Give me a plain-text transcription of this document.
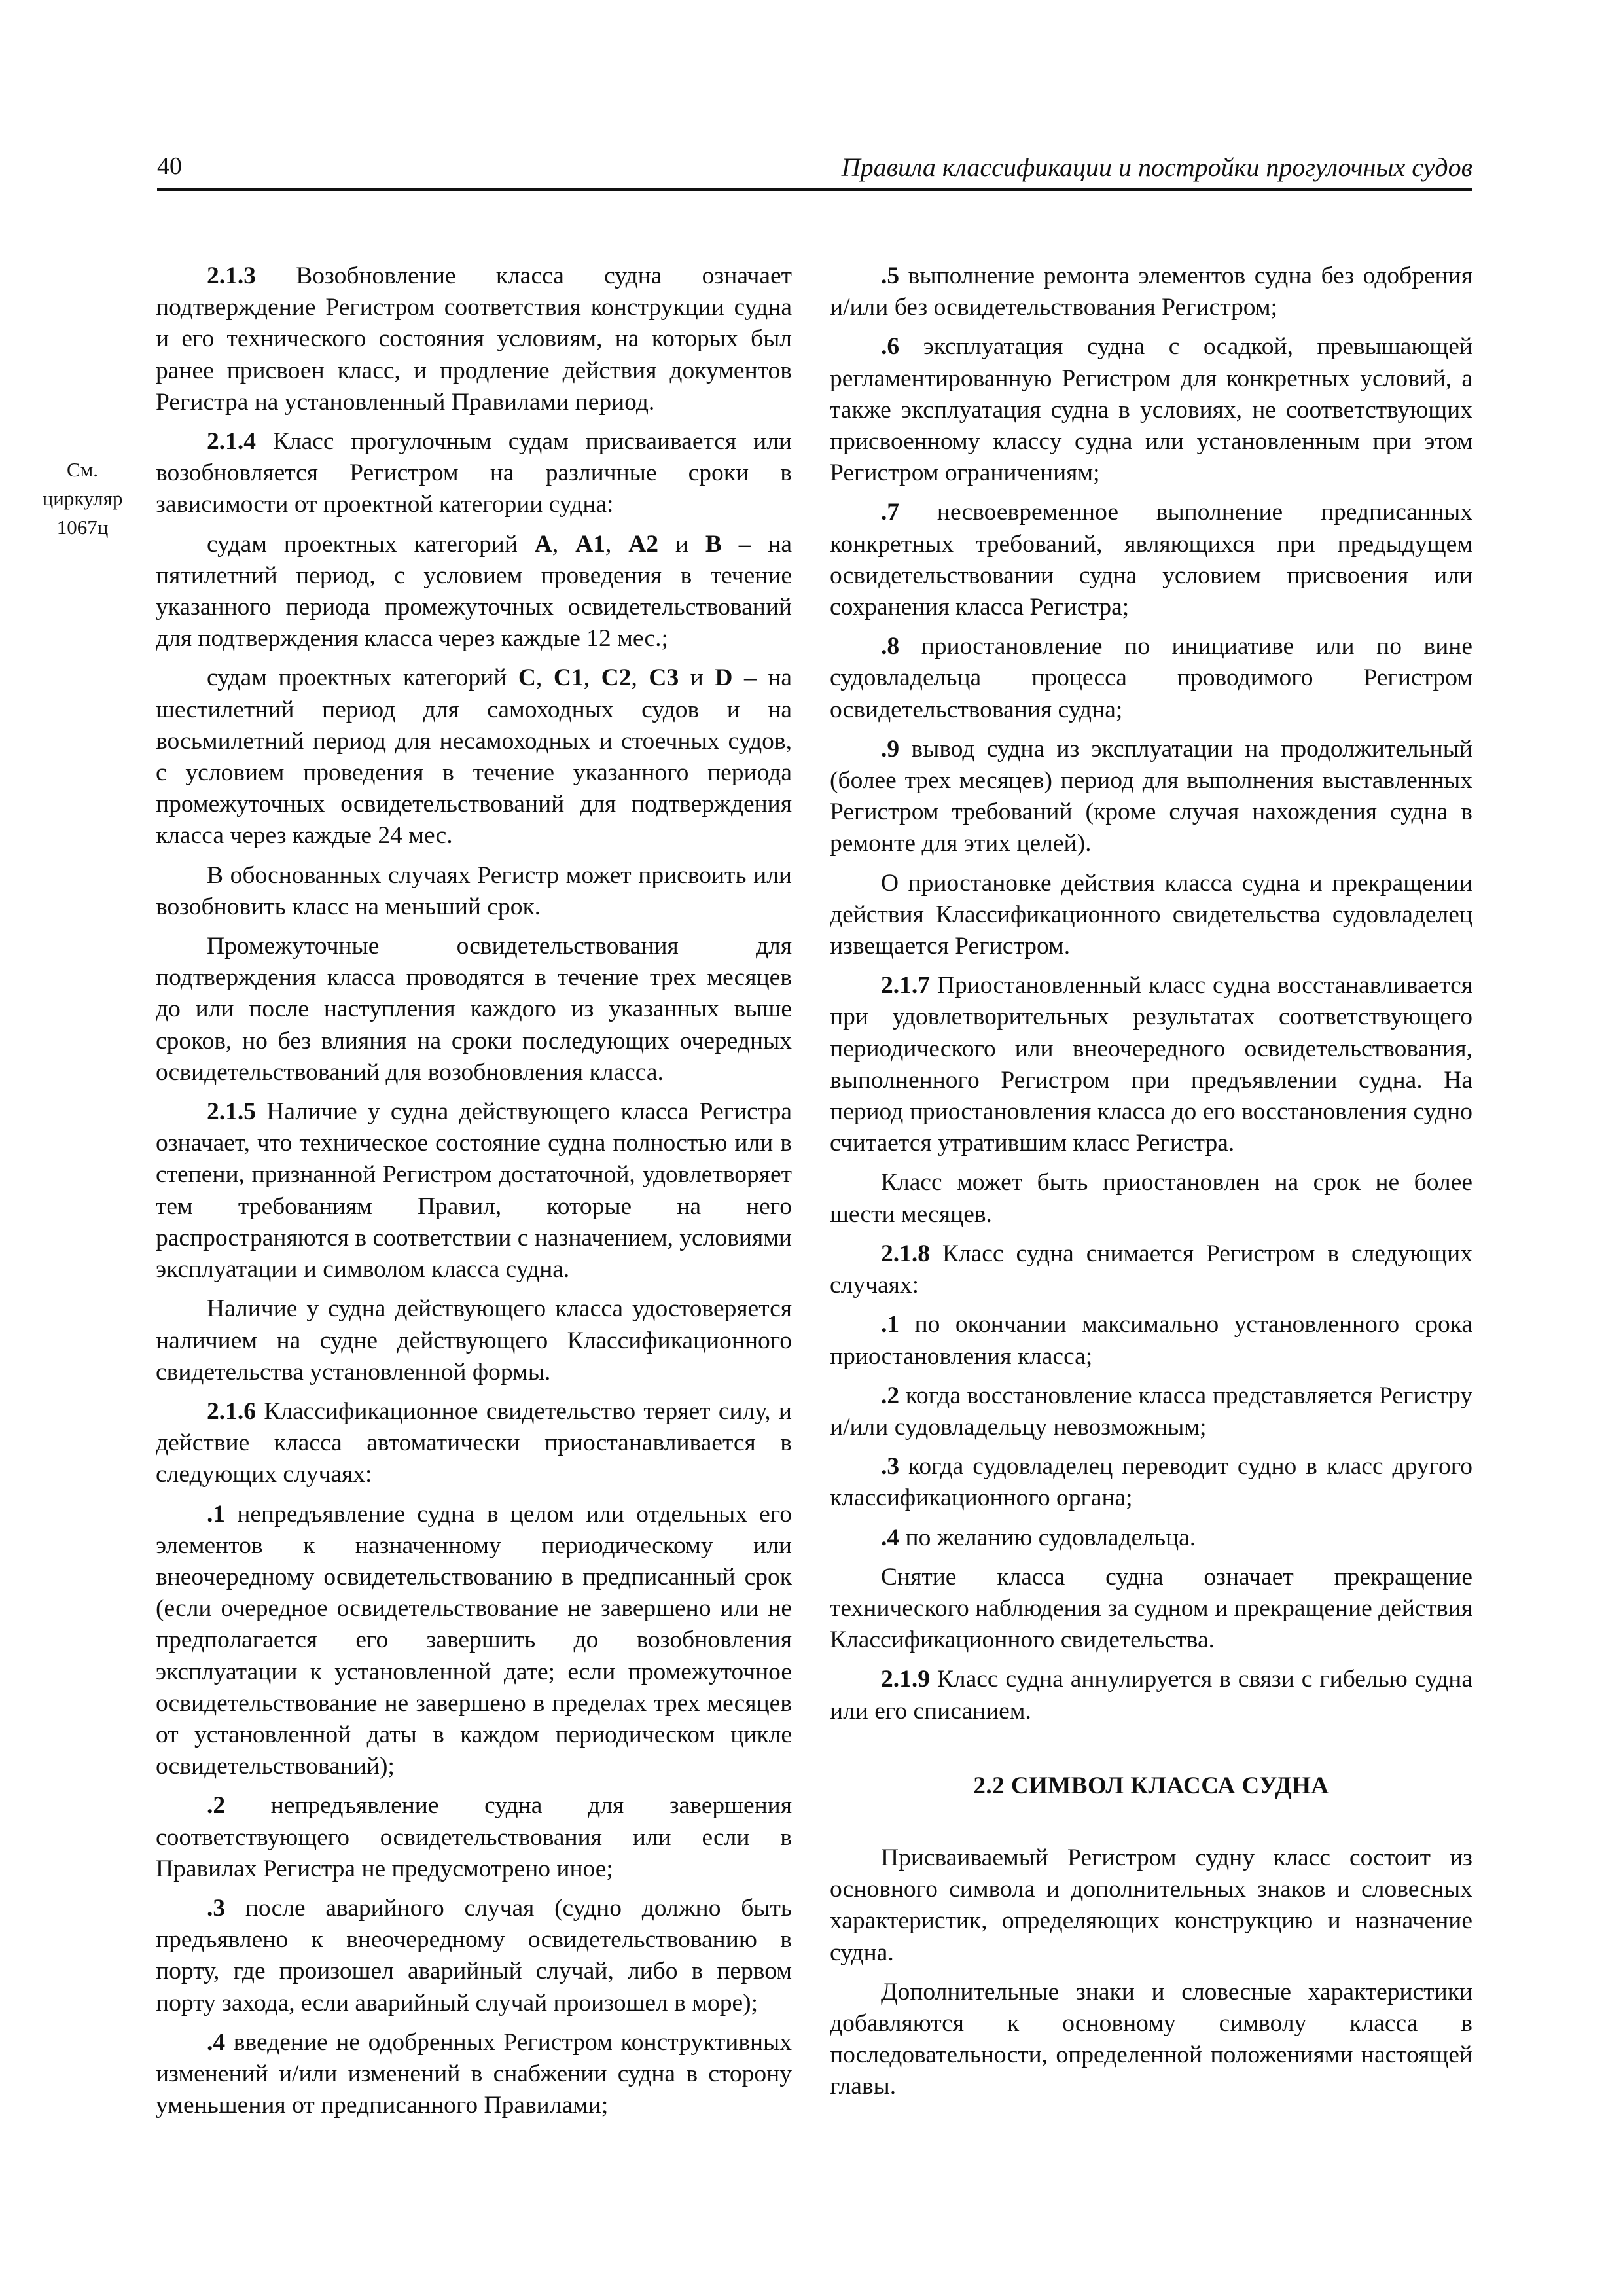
40	Правила классификации и постройки прогулочных судов
См.
циркуляр
1067ц

2.1.3 Возобновление класса судна означает подтверждение Регистром соответствия конструкции судна и его технического состояния условиям, на которых был ранее присвоен класс, и продление действия документов Регистра на установленный Правилами период.

2.1.4 Класс прогулочным судам присваивается или возобновляется Регистром на различные сроки в зависимости от проектной категории судна:

судам проектных категорий А, А1, А2 и В – на пятилетний период, с условием проведения в течение указанного периода промежуточных освидетельствований для подтверждения класса через каждые 12 мес.;

судам проектных категорий С, С1, С2, С3 и D – на шестилетний период для самоходных судов и на восьмилетний период для несамоходных и стоечных судов, с условием проведения в течение указанного периода промежуточных освидетельствований для подтверждения класса через каждые 24 мес.

В обоснованных случаях Регистр может присвоить или возобновить класс на меньший срок.

Промежуточные освидетельствования для подтверждения класса проводятся в течение трех месяцев до или после наступления каждого из указанных выше сроков, но без влияния на сроки последующих очередных освидетельствований для возобновления класса.

2.1.5 Наличие у судна действующего класса Регистра означает, что техническое состояние судна полностью или в степени, признанной Регистром достаточной, удовлетворяет тем требованиям Правил, которые на него распространяются в соответствии с назначением, условиями эксплуатации и символом класса судна.

Наличие у судна действующего класса удостоверяется наличием на судне действующего Классификационного свидетельства установленной формы.

2.1.6 Классификационное свидетельство теряет силу, и действие класса автоматически приостанавливается в следующих случаях:

.1 непредъявление судна в целом или отдельных его элементов к назначенному периодическому или внеочередному освидетельствованию в предписанный срок (если очередное освидетельствование не завершено или не предполагается его завершить до возобновления эксплуатации к установленной дате; если промежуточное освидетельствование не завершено в пределах трех месяцев от установленной даты в каждом периодическом цикле освидетельствований);

.2 непредъявление судна для завершения соответствующего освидетельствования или если в Правилах Регистра не предусмотрено иное;

.3 после аварийного случая (судно должно быть предъявлено к внеочередному освидетельствованию в порту, где произошел аварийный случай, либо в первом порту захода, если аварийный случай произошел в море);

.4 введение не одобренных Регистром конструктивных изменений и/или изменений в снабжении судна в сторону уменьшения от предписанного Правилами;

.5 выполнение ремонта элементов судна без одобрения и/или без освидетельствования Регистром;

.6 эксплуатация судна с осадкой, превышающей регламентированную Регистром для конкретных условий, а также эксплуатация судна в условиях, не соответствующих присвоенному классу судна или установленным при этом Регистром ограничениям;

.7 несвоевременное выполнение предписанных конкретных требований, являющихся при предыдущем освидетельствовании судна условием присвоения или сохранения класса Регистра;

.8 приостановление по инициативе или по вине судовладельца процесса проводимого Регистром освидетельствования судна;

.9 вывод судна из эксплуатации на продолжительный (более трех месяцев) период для выполнения выставленных Регистром требований (кроме случая нахождения судна в ремонте для этих целей).

О приостановке действия класса судна и прекращении действия Классификационного свидетельства судовладелец извещается Регистром.

2.1.7 Приостановленный класс судна восстанавливается при удовлетворительных результатах соответствующего периодического или внеочередного освидетельствования, выполненного Регистром при предъявлении судна. На период приостановления класса до его восстановления судно считается утратившим класс Регистра.

Класс может быть приостановлен на срок не более шести месяцев.

2.1.8 Класс судна снимается Регистром в следующих случаях:

.1 по окончании максимально установленного срока приостановления класса;

.2 когда восстановление класса представляется Регистру и/или судовладельцу невозможным;

.3 когда судовладелец переводит судно в класс другого классификационного органа;

.4 по желанию судовладельца.

Снятие класса судна означает прекращение технического наблюдения за судном и прекращение действия Классификационного свидетельства.

2.1.9 Класс судна аннулируется в связи с гибелью судна или его списанием.

2.2 СИМВОЛ КЛАССА СУДНА

Присваиваемый Регистром судну класс состоит из основного символа и дополнительных знаков и словесных характеристик, определяющих конструкцию и назначение судна.

Дополнительные знаки и словесные характеристики добавляются к основному символу класса в последовательности, определенной положениями настоящей главы.
